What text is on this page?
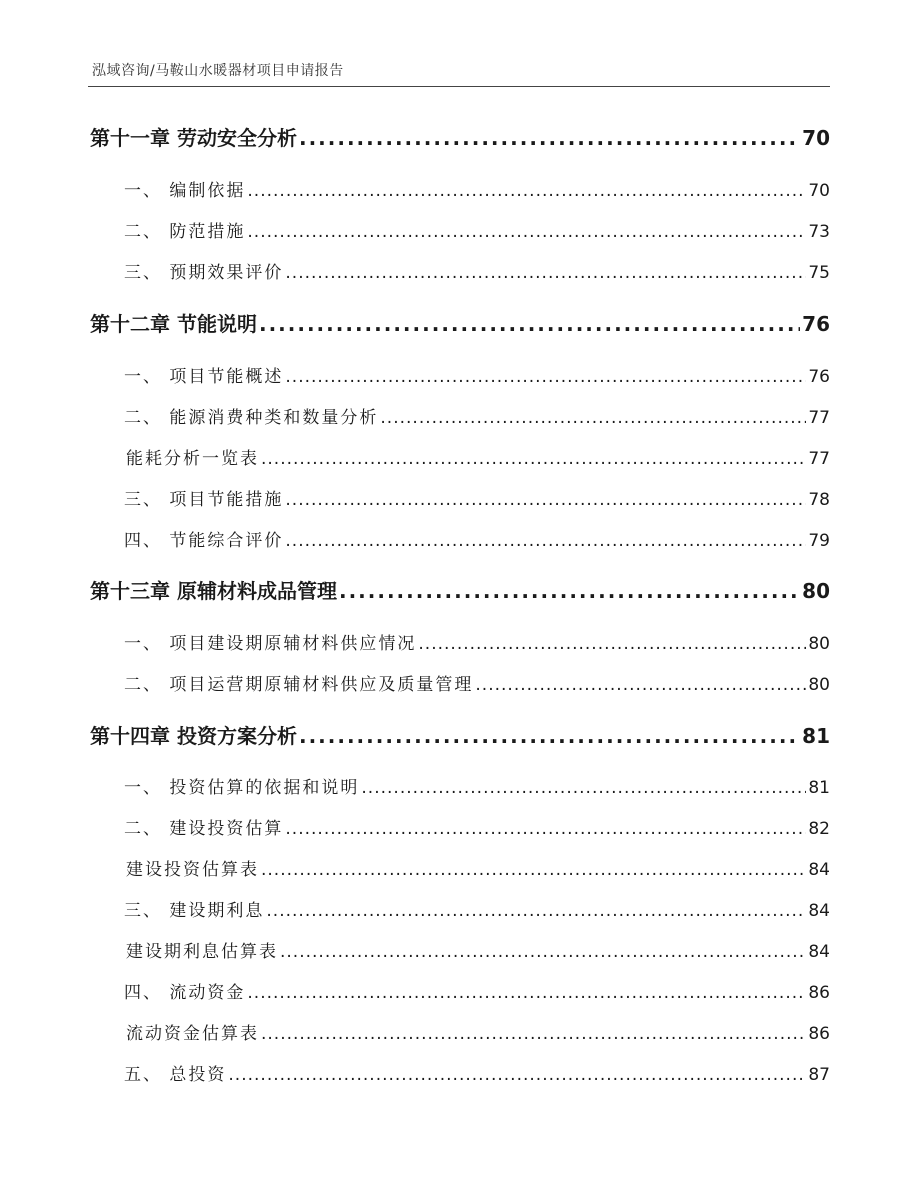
泓域咨询/马鞍山水暖器材项目申请报告
第十一章 劳动安全分析 .....	70
一、 编制依据 .....	70
二、 防范措施 .....	73
三、 预期效果评价 .....	75
第十二章 节能说明 .....	76
一、 项目节能概述 .....	76
二、 能源消费种类和数量分析 .....	77
能耗分析一览表 .....	77
三、 项目节能措施 .....	78
四、 节能综合评价 .....	79
第十三章 原辅材料成品管理 .....	80
一、 项目建设期原辅材料供应情况 .....	80
二、 项目运营期原辅材料供应及质量管理 .....	80
第十四章 投资方案分析 .....	81
一、 投资估算的依据和说明 .....	81
二、 建设投资估算 .....	82
建设投资估算表 .....	84
三、 建设期利息 .....	84
建设期利息估算表 .....	84
四、 流动资金 .....	86
流动资金估算表 .....	86
五、 总投资 .....	87
